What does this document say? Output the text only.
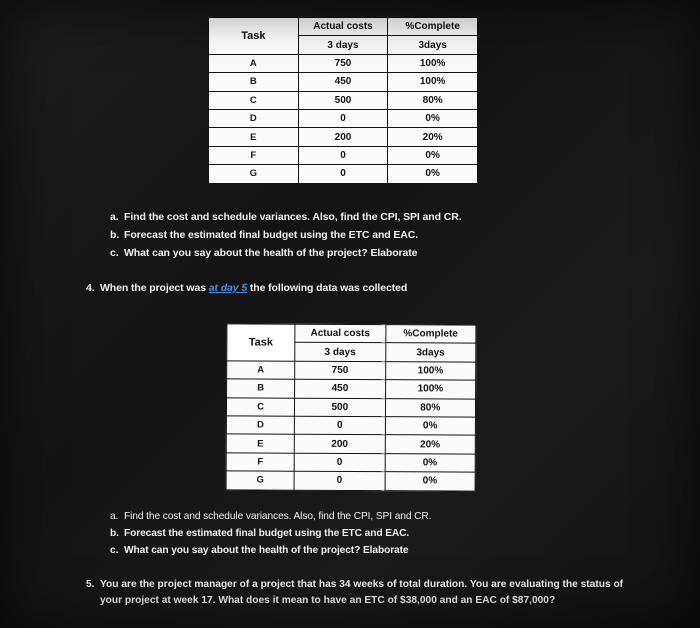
Task	Actual costs	%Complete
	3 days	3days
A	750	100%
B	450	100%
C	500	80%
D	0	0%
E	200	20%
F	0	0%
G	0	0%
a. Find the cost and schedule variances. Also, find the CPI, SPI and CR.
b. Forecast the estimated final budget using the ETC and EAC.
c. What can you say about the health of the project? Elaborate
4. When the project was at day 5 the following data was collected
Task	Actual costs	%Complete
	3 days	3days
A	750	100%
B	450	100%
C	500	80%
D	0	0%
E	200	20%
F	0	0%
G	0	0%
a. Find the cost and schedule variances. Also, find the CPI, SPI and CR.
b. Forecast the estimated final budget using the ETC and EAC.
c. What can you say about the health of the project? Elaborate
5. You are the project manager of a project that has 34 weeks of total duration. You are evaluating the status of your project at week 17. What does it mean to have an ETC of $38,000 and an EAC of $87,000?
